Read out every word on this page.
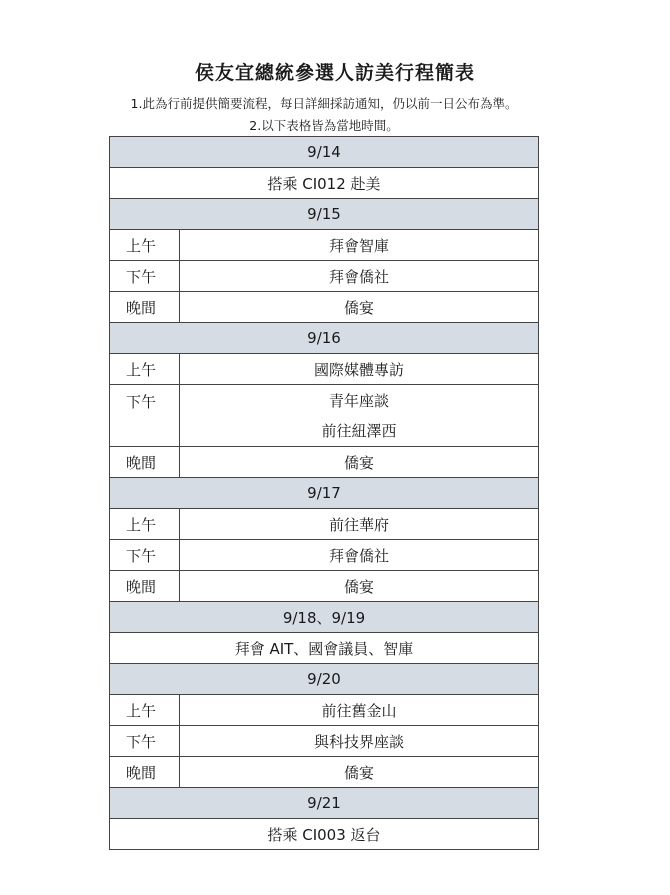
侯友宜總統參選人訪美行程簡表
1.此為行前提供簡要流程，每日詳細採訪通知，仍以前一日公布為準。
2.以下表格皆為當地時間。
9/14	
搭乘 CI012 赴美	
9/15	
上午	拜會智庫
下午	拜會僑社
晚間	僑宴
9/16	
上午	國際媒體專訪
下午	青年座談
前往紐澤西

晚間	僑宴
9/17	
上午	前往華府
下午	拜會僑社
晚間	僑宴
9/18、9/19	
拜會 AIT、國會議員、智庫	
9/20	
上午	前往舊金山
下午	與科技界座談
晚間	僑宴
9/21	
搭乘 CI003 返台	
